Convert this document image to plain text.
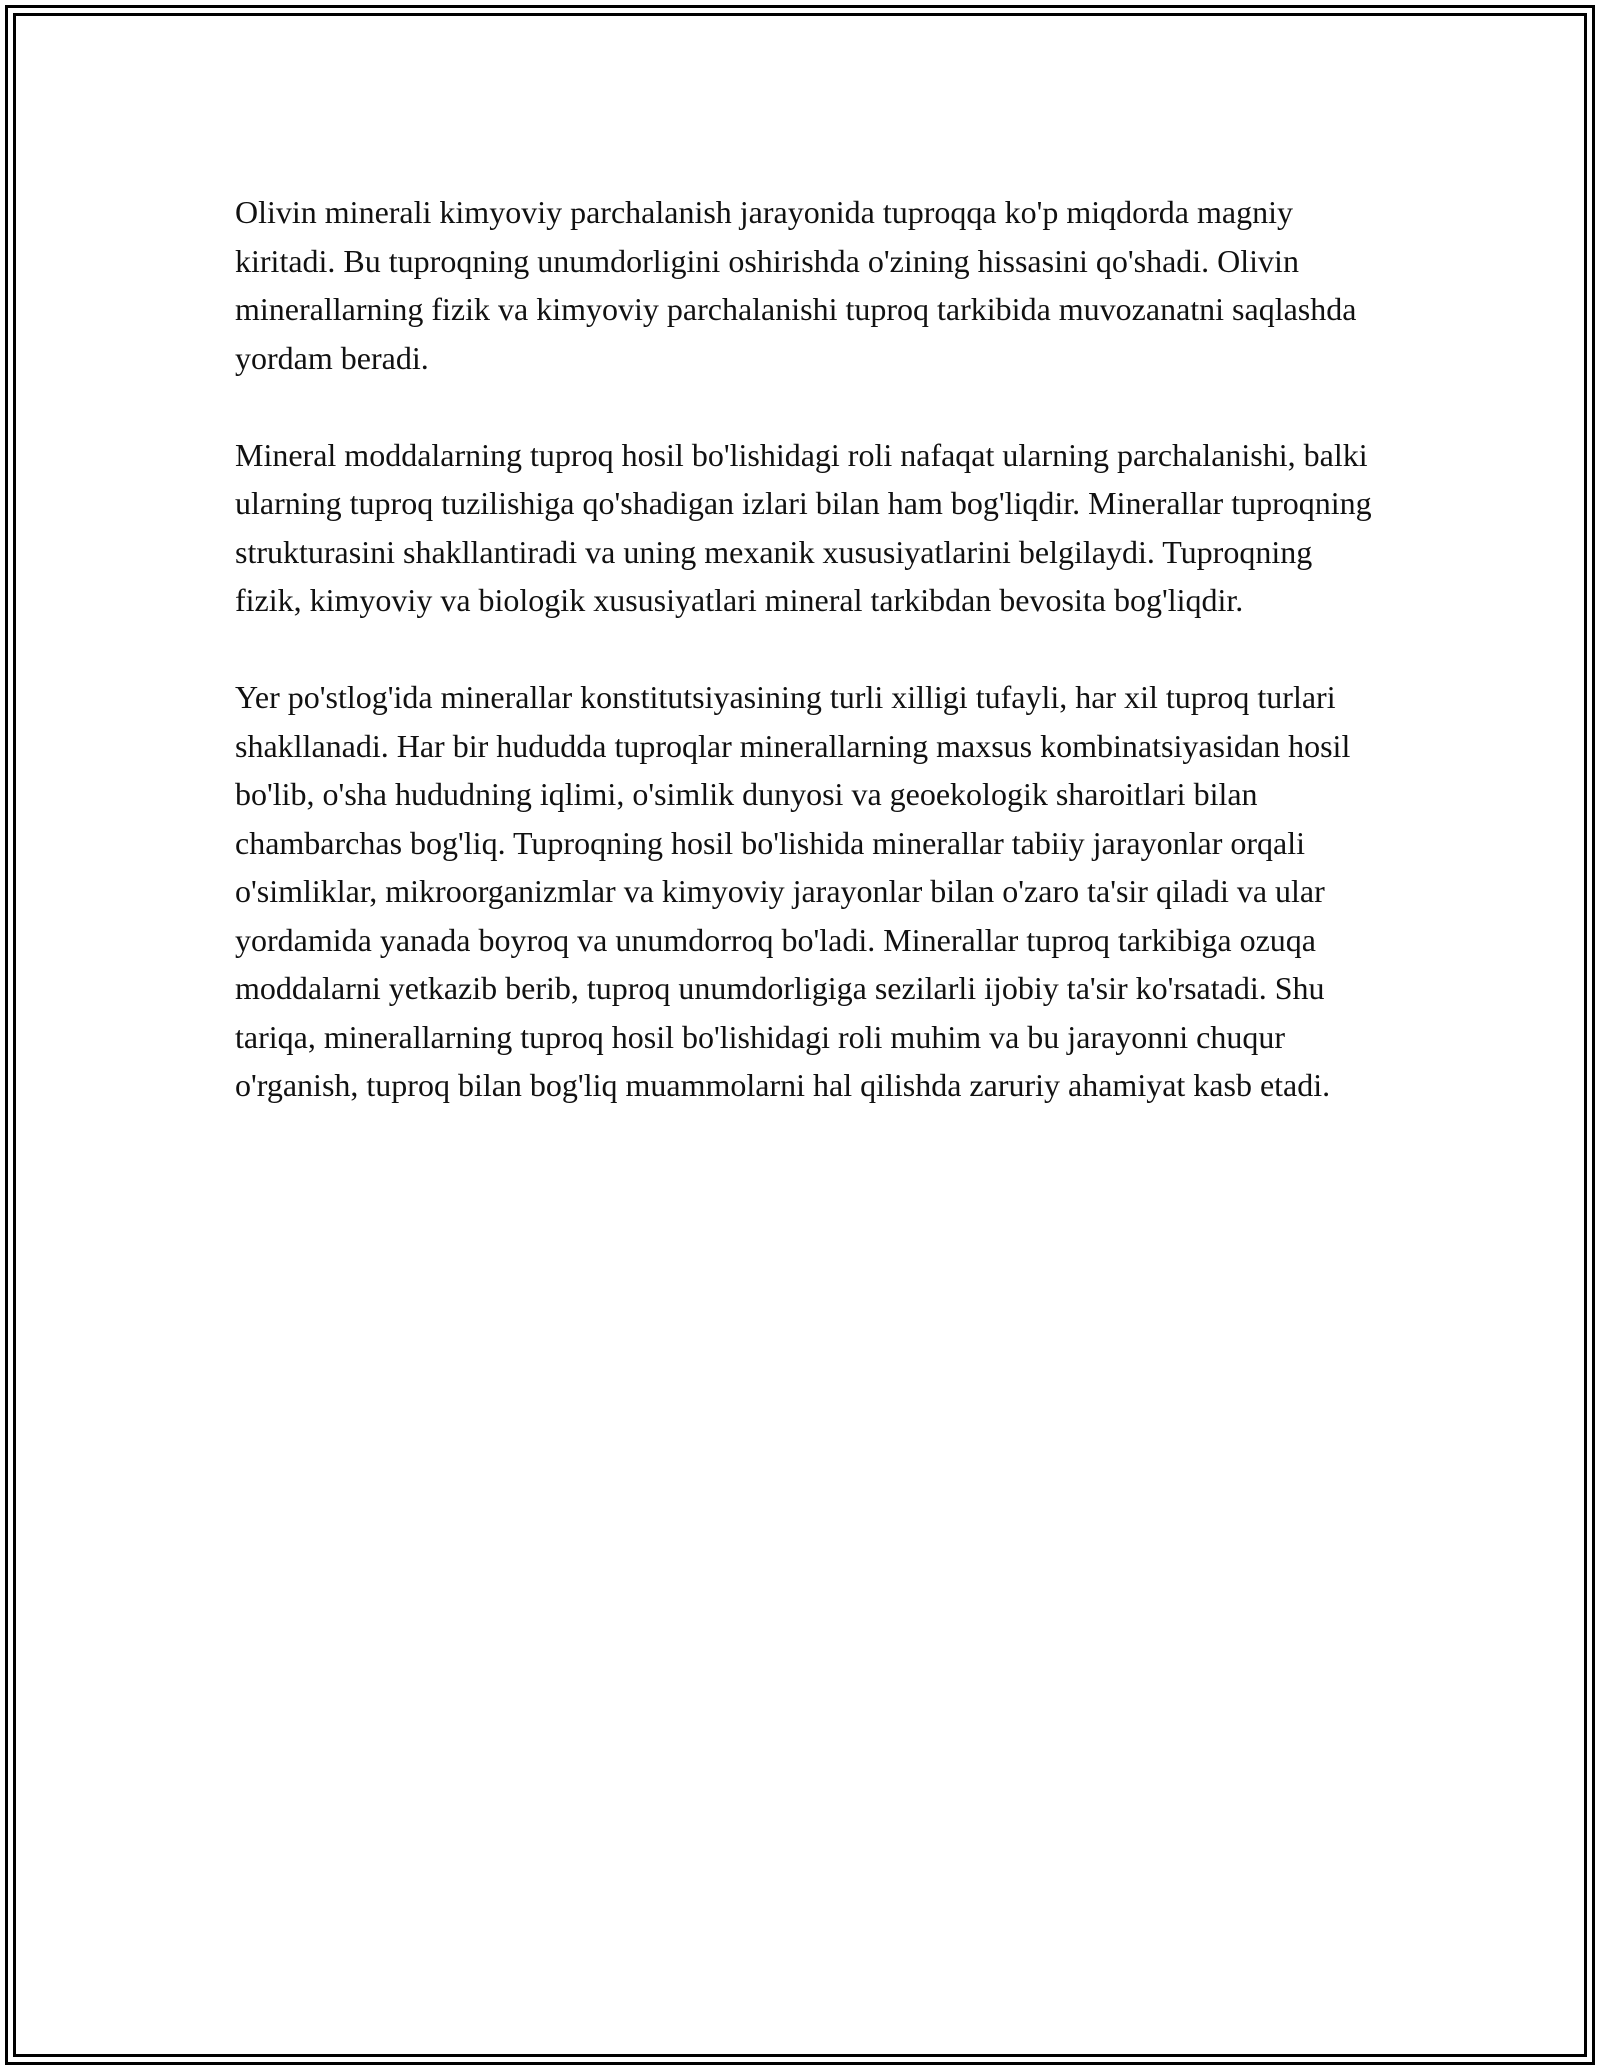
Olivin minerali kimyoviy parchalanish jarayonida tuproqqa ko'p miqdorda magniy kiritadi. Bu tuproqning unumdorligini oshirishda o'zining hissasini qo'shadi. Olivin minerallarning fizik va kimyoviy parchalanishi tuproq tarkibida muvozanatni saqlashda yordam beradi.

Mineral moddalarning tuproq hosil bo'lishidagi roli nafaqat ularning parchalanishi, balki ularning tuproq tuzilishiga qo'shadigan izlari bilan ham bog'liqdir. Minerallar tuproqning strukturasini shakllantiradi va uning mexanik xususiyatlarini belgilaydi. Tuproqning fizik, kimyoviy va biologik xususiyatlari mineral tarkibdan bevosita bog'liqdir.

Yer po'stlog'ida minerallar konstitutsiyasining turli xilligi tufayli, har xil tuproq turlari shakllanadi. Har bir hududda tuproqlar minerallarning maxsus kombinatsiyasidan hosil bo'lib, o'sha hududning iqlimi, o'simlik dunyosi va geoekologik sharoitlari bilan chambarchas bog'liq. Tuproqning hosil bo'lishida minerallar tabiiy jarayonlar orqali o'simliklar, mikroorganizmlar va kimyoviy jarayonlar bilan o'zaro ta'sir qiladi va ular yordamida yanada boyroq va unumdorroq bo'ladi. Minerallar tuproq tarkibiga ozuqa moddalarni yetkazib berib, tuproq unumdorligiga sezilarli ijobiy ta'sir ko'rsatadi. Shu tariqa, minerallarning tuproq hosil bo'lishidagi roli muhim va bu jarayonni chuqur o'rganish, tuproq bilan bog'liq muammolarni hal qilishda zaruriy ahamiyat kasb etadi.
